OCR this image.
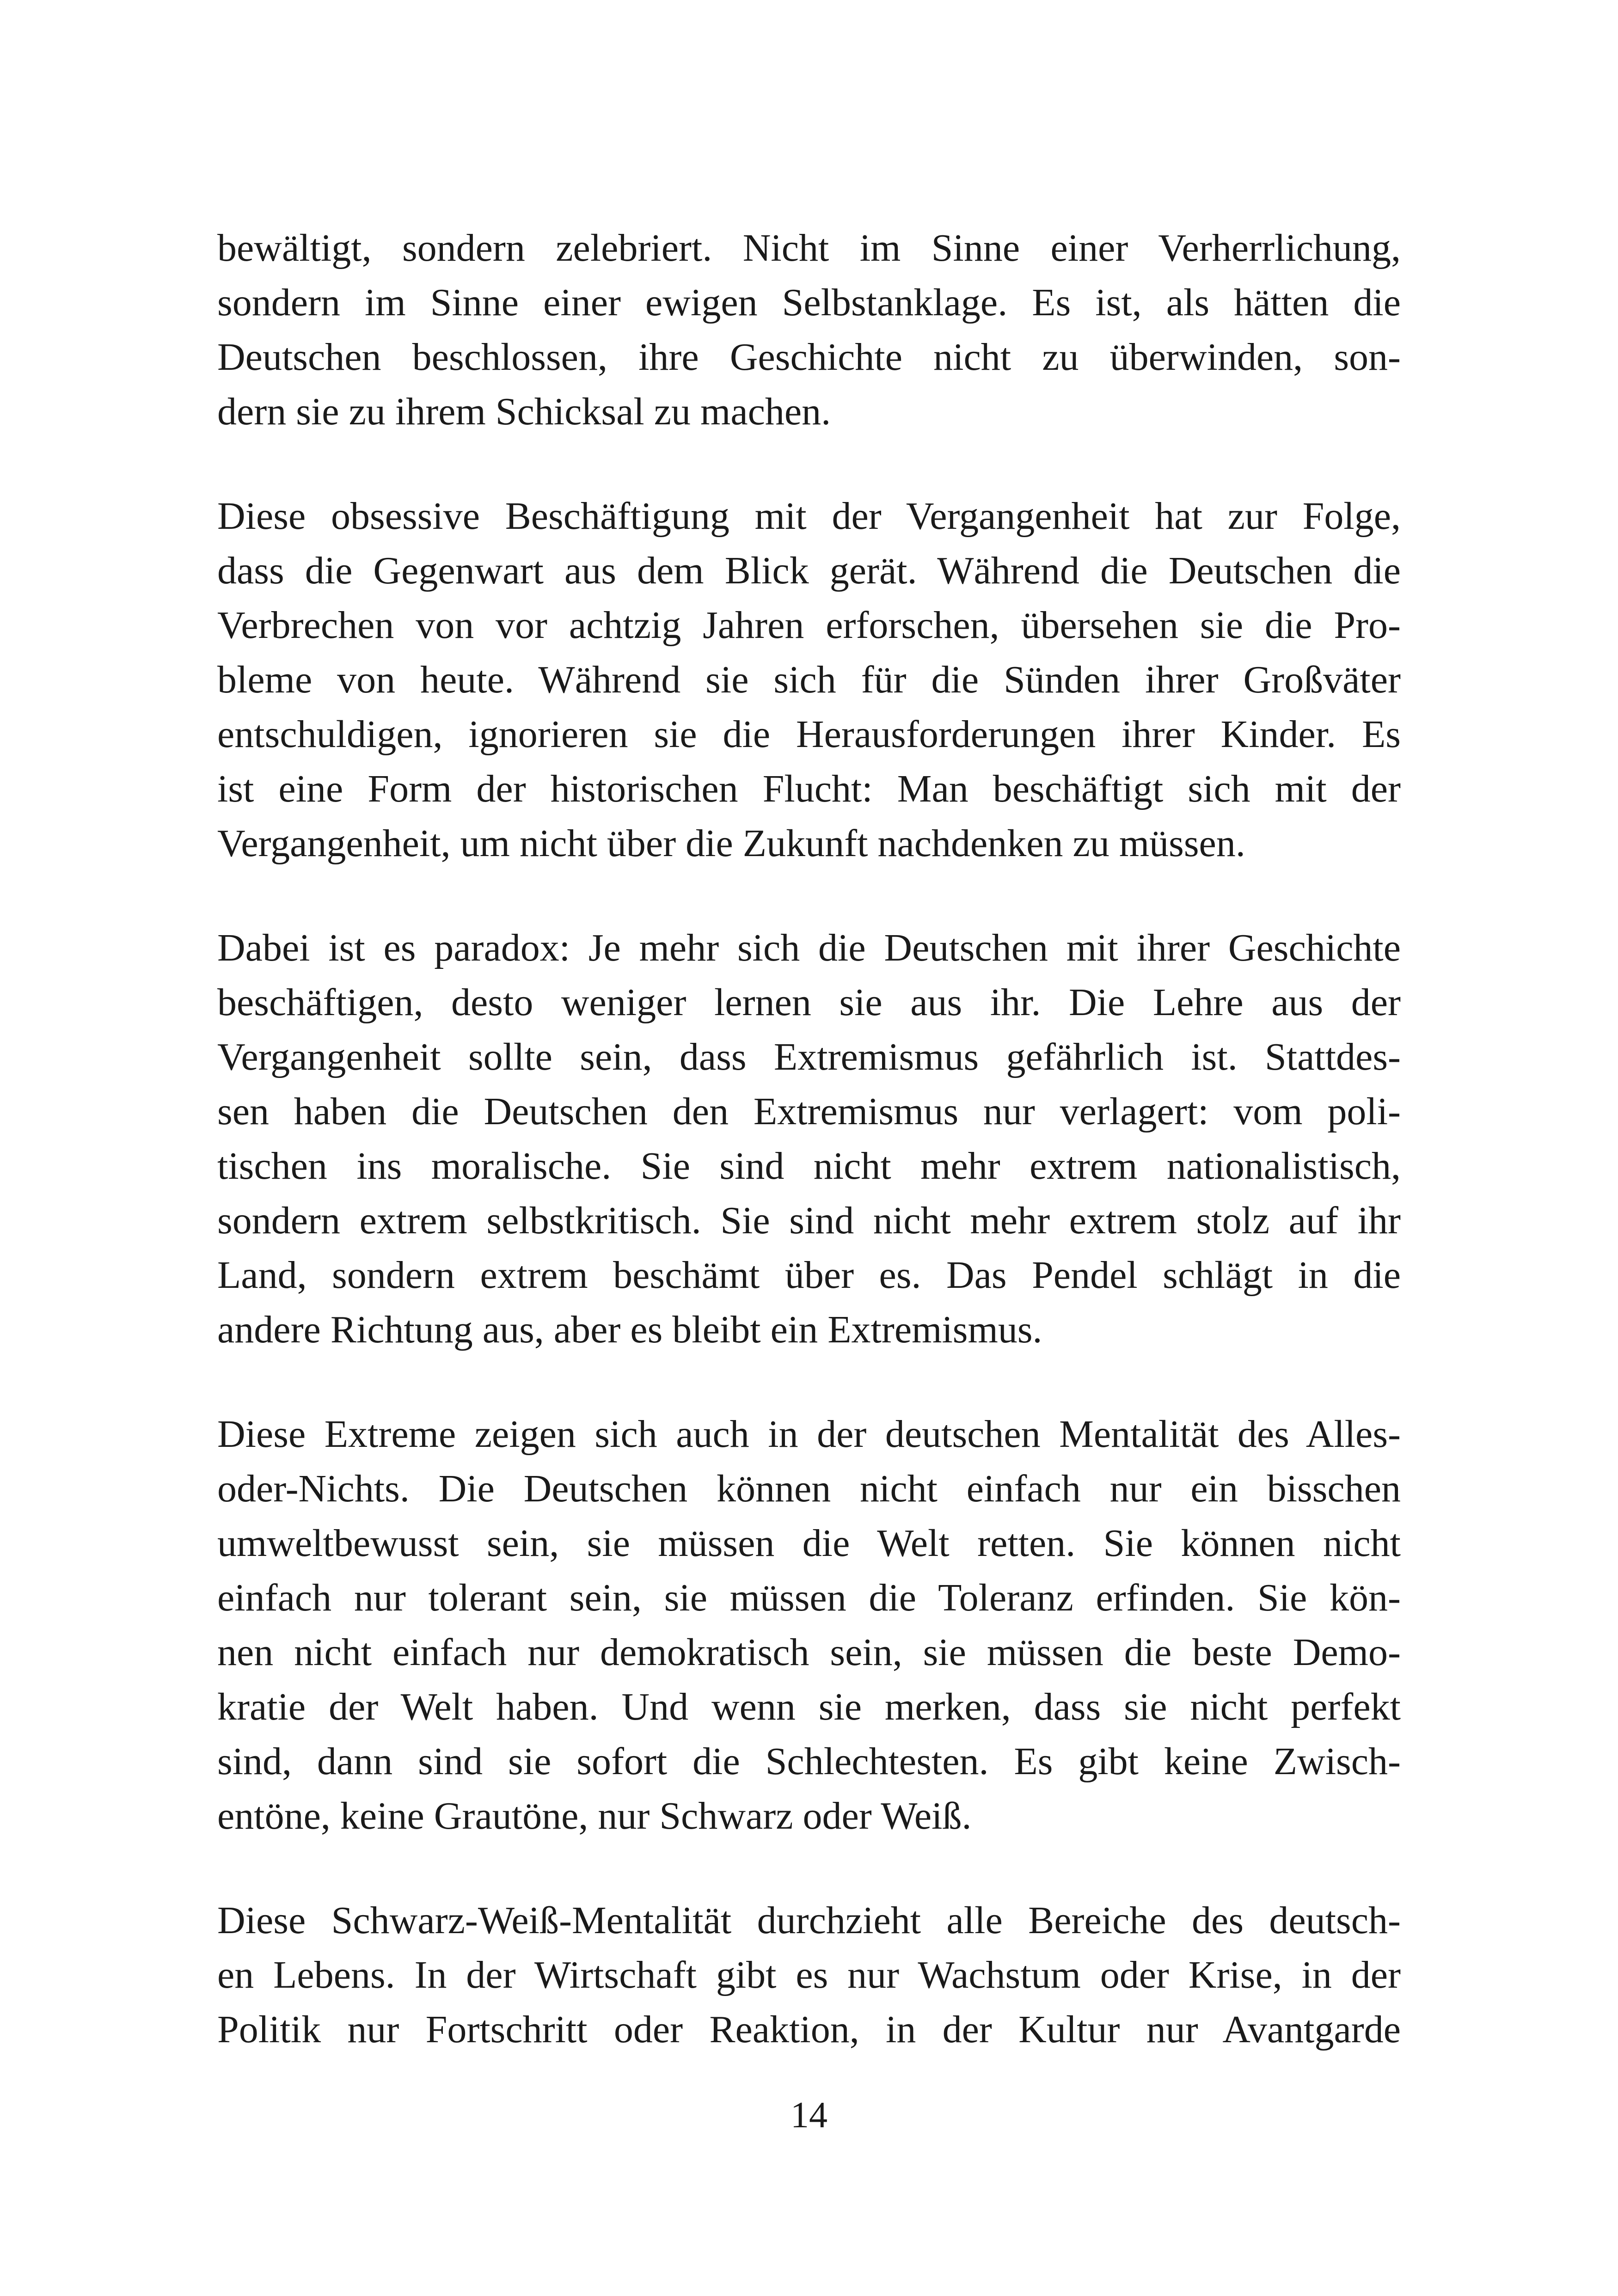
bewältigt, sondern zelebriert. Nicht im Sinne einer Verherrlichung,
sondern im Sinne einer ewigen Selbstanklage. Es ist, als hätten die
Deutschen beschlossen, ihre Geschichte nicht zu überwinden, son-
dern sie zu ihrem Schicksal zu machen.
Diese obsessive Beschäftigung mit der Vergangenheit hat zur Folge,
dass die Gegenwart aus dem Blick gerät. Während die Deutschen die
Verbrechen von vor achtzig Jahren erforschen, übersehen sie die Pro-
bleme von heute. Während sie sich für die Sünden ihrer Großväter
entschuldigen, ignorieren sie die Herausforderungen ihrer Kinder. Es
ist eine Form der historischen Flucht: Man beschäftigt sich mit der
Vergangenheit, um nicht über die Zukunft nachdenken zu müssen.
Dabei ist es paradox: Je mehr sich die Deutschen mit ihrer Geschichte
beschäftigen, desto weniger lernen sie aus ihr. Die Lehre aus der
Vergangenheit sollte sein, dass Extremismus gefährlich ist. Stattdes-
sen haben die Deutschen den Extremismus nur verlagert: vom poli-
tischen ins moralische. Sie sind nicht mehr extrem nationalistisch,
sondern extrem selbstkritisch. Sie sind nicht mehr extrem stolz auf ihr
Land, sondern extrem beschämt über es. Das Pendel schlägt in die
andere Richtung aus, aber es bleibt ein Extremismus.
Diese Extreme zeigen sich auch in der deutschen Mentalität des Alles-
oder-Nichts. Die Deutschen können nicht einfach nur ein bisschen
umweltbewusst sein, sie müssen die Welt retten. Sie können nicht
einfach nur tolerant sein, sie müssen die Toleranz erfinden. Sie kön-
nen nicht einfach nur demokratisch sein, sie müssen die beste Demo-
kratie der Welt haben. Und wenn sie merken, dass sie nicht perfekt
sind, dann sind sie sofort die Schlechtesten. Es gibt keine Zwisch-
entöne, keine Grautöne, nur Schwarz oder Weiß.
Diese Schwarz-Weiß-Mentalität durchzieht alle Bereiche des deutsch-
en Lebens. In der Wirtschaft gibt es nur Wachstum oder Krise, in der
Politik nur Fortschritt oder Reaktion, in der Kultur nur Avantgarde
14
